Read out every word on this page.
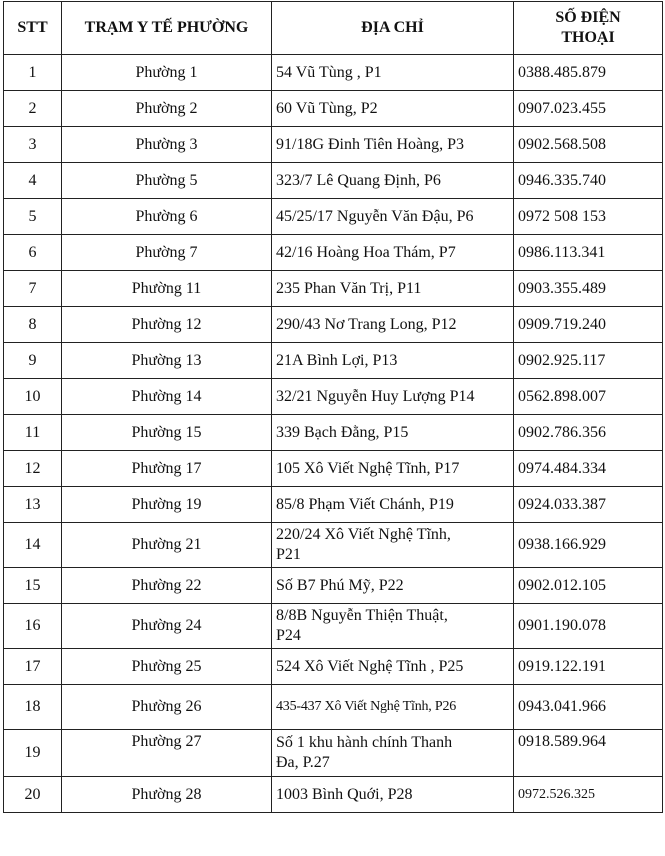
STT	TRẠM Y TẾ PHƯỜNG	ĐỊA CHỈ	SỐ ĐIỆN
THOẠI

1	Phường 1	54 Vũ Tùng , P1	0388.485.879
2	Phường 2	60 Vũ Tùng, P2	0907.023.455
3	Phường 3	91/18G Đinh Tiên Hoàng, P3	0902.568.508
4	Phường 5	323/7 Lê Quang Định, P6	0946.335.740
5	Phường 6	45/25/17 Nguyễn Văn Đậu, P6	0972 508 153
6	Phường 7	42/16 Hoàng Hoa Thám, P7	0986.113.341
7	Phường 11	235 Phan Văn Trị, P11	0903.355.489
8	Phường 12	290/43 Nơ Trang Long, P12	0909.719.240
9	Phường 13	21A Bình Lợi, P13	0902.925.117
10	Phường 14	32/21 Nguyễn Huy Lượng P14	0562.898.007
11	Phường 15	339 Bạch Đằng, P15	0902.786.356
12	Phường 17	105 Xô Viết Nghệ Tĩnh, P17	0974.484.334
13	Phường 19	85/8 Phạm Viết Chánh, P19	0924.033.387
14	Phường 21	220/24 Xô Viết Nghệ Tĩnh,
P21	0938.166.929
15	Phường 22	Số B7 Phú Mỹ, P22	0902.012.105
16	Phường 24	8/8B Nguyễn Thiện Thuật,
P24	0901.190.078
17	Phường 25	524 Xô Viết Nghệ Tĩnh , P25	0919.122.191
18	Phường 26	435-437 Xô Viết Nghệ Tĩnh, P26	0943.041.966
19	Phường 27	Số 1 khu hành chính Thanh
Đa, P.27	0918.589.964
20	Phường 28	1003 Bình Quới, P28	0972.526.325
